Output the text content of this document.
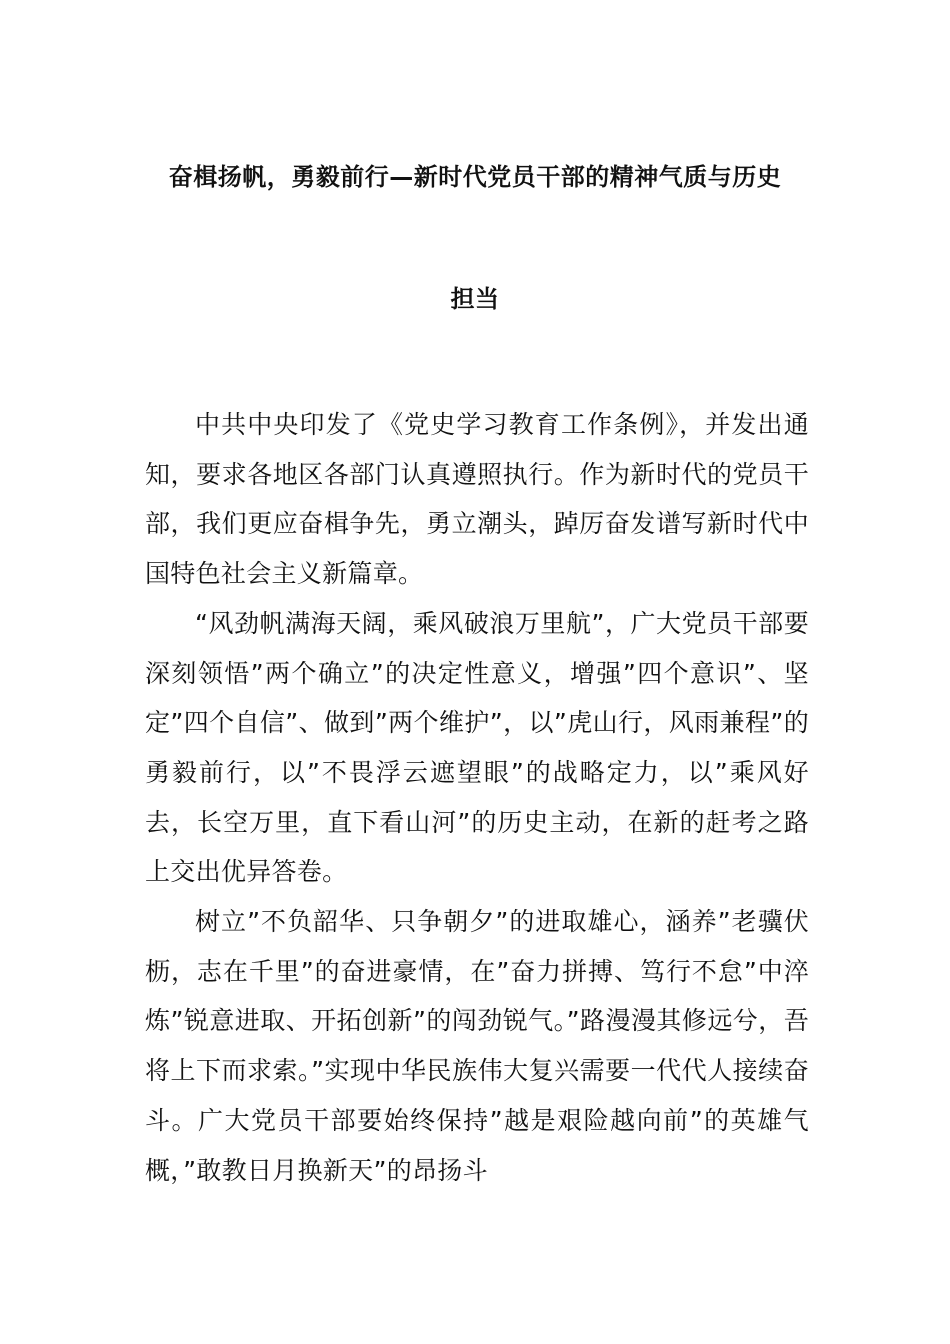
奋楫扬帆，勇毅前行—新时代党员干部的精神气质与历史
担当

中共中央印发了《党史学习教育工作条例》，并发出通知，要求各地区各部门认真遵照执行。作为新时代的党员干部，我们更应奋楫争先，勇立潮头，踔厉奋发谱写新时代中国特色社会主义新篇章。

“风劲帆满海天阔，乘风破浪万里航”，广大党员干部要深刻领悟”两个确立”的决定性意义，增强”四个意识”、坚定”四个自信”、做到”两个维护”，以”虎山行，风雨兼程”的勇毅前行，以”不畏浮云遮望眼”的战略定力，以”乘风好去，长空万里，直下看山河”的历史主动，在新的赶考之路上交出优异答卷。

树立”不负韶华、只争朝夕”的进取雄心，涵养”老骥伏枥，志在千里”的奋进豪情，在”奋力拼搏、笃行不怠”中淬炼”锐意进取、开拓创新”的闯劲锐气。”路漫漫其修远兮，吾将上下而求索。”实现中华民族伟大复兴需要一代代人接续奋斗。广大党员干部要始终保持”越是艰险越向前”的英雄气概，”敢教日月换新天”的昂扬斗
